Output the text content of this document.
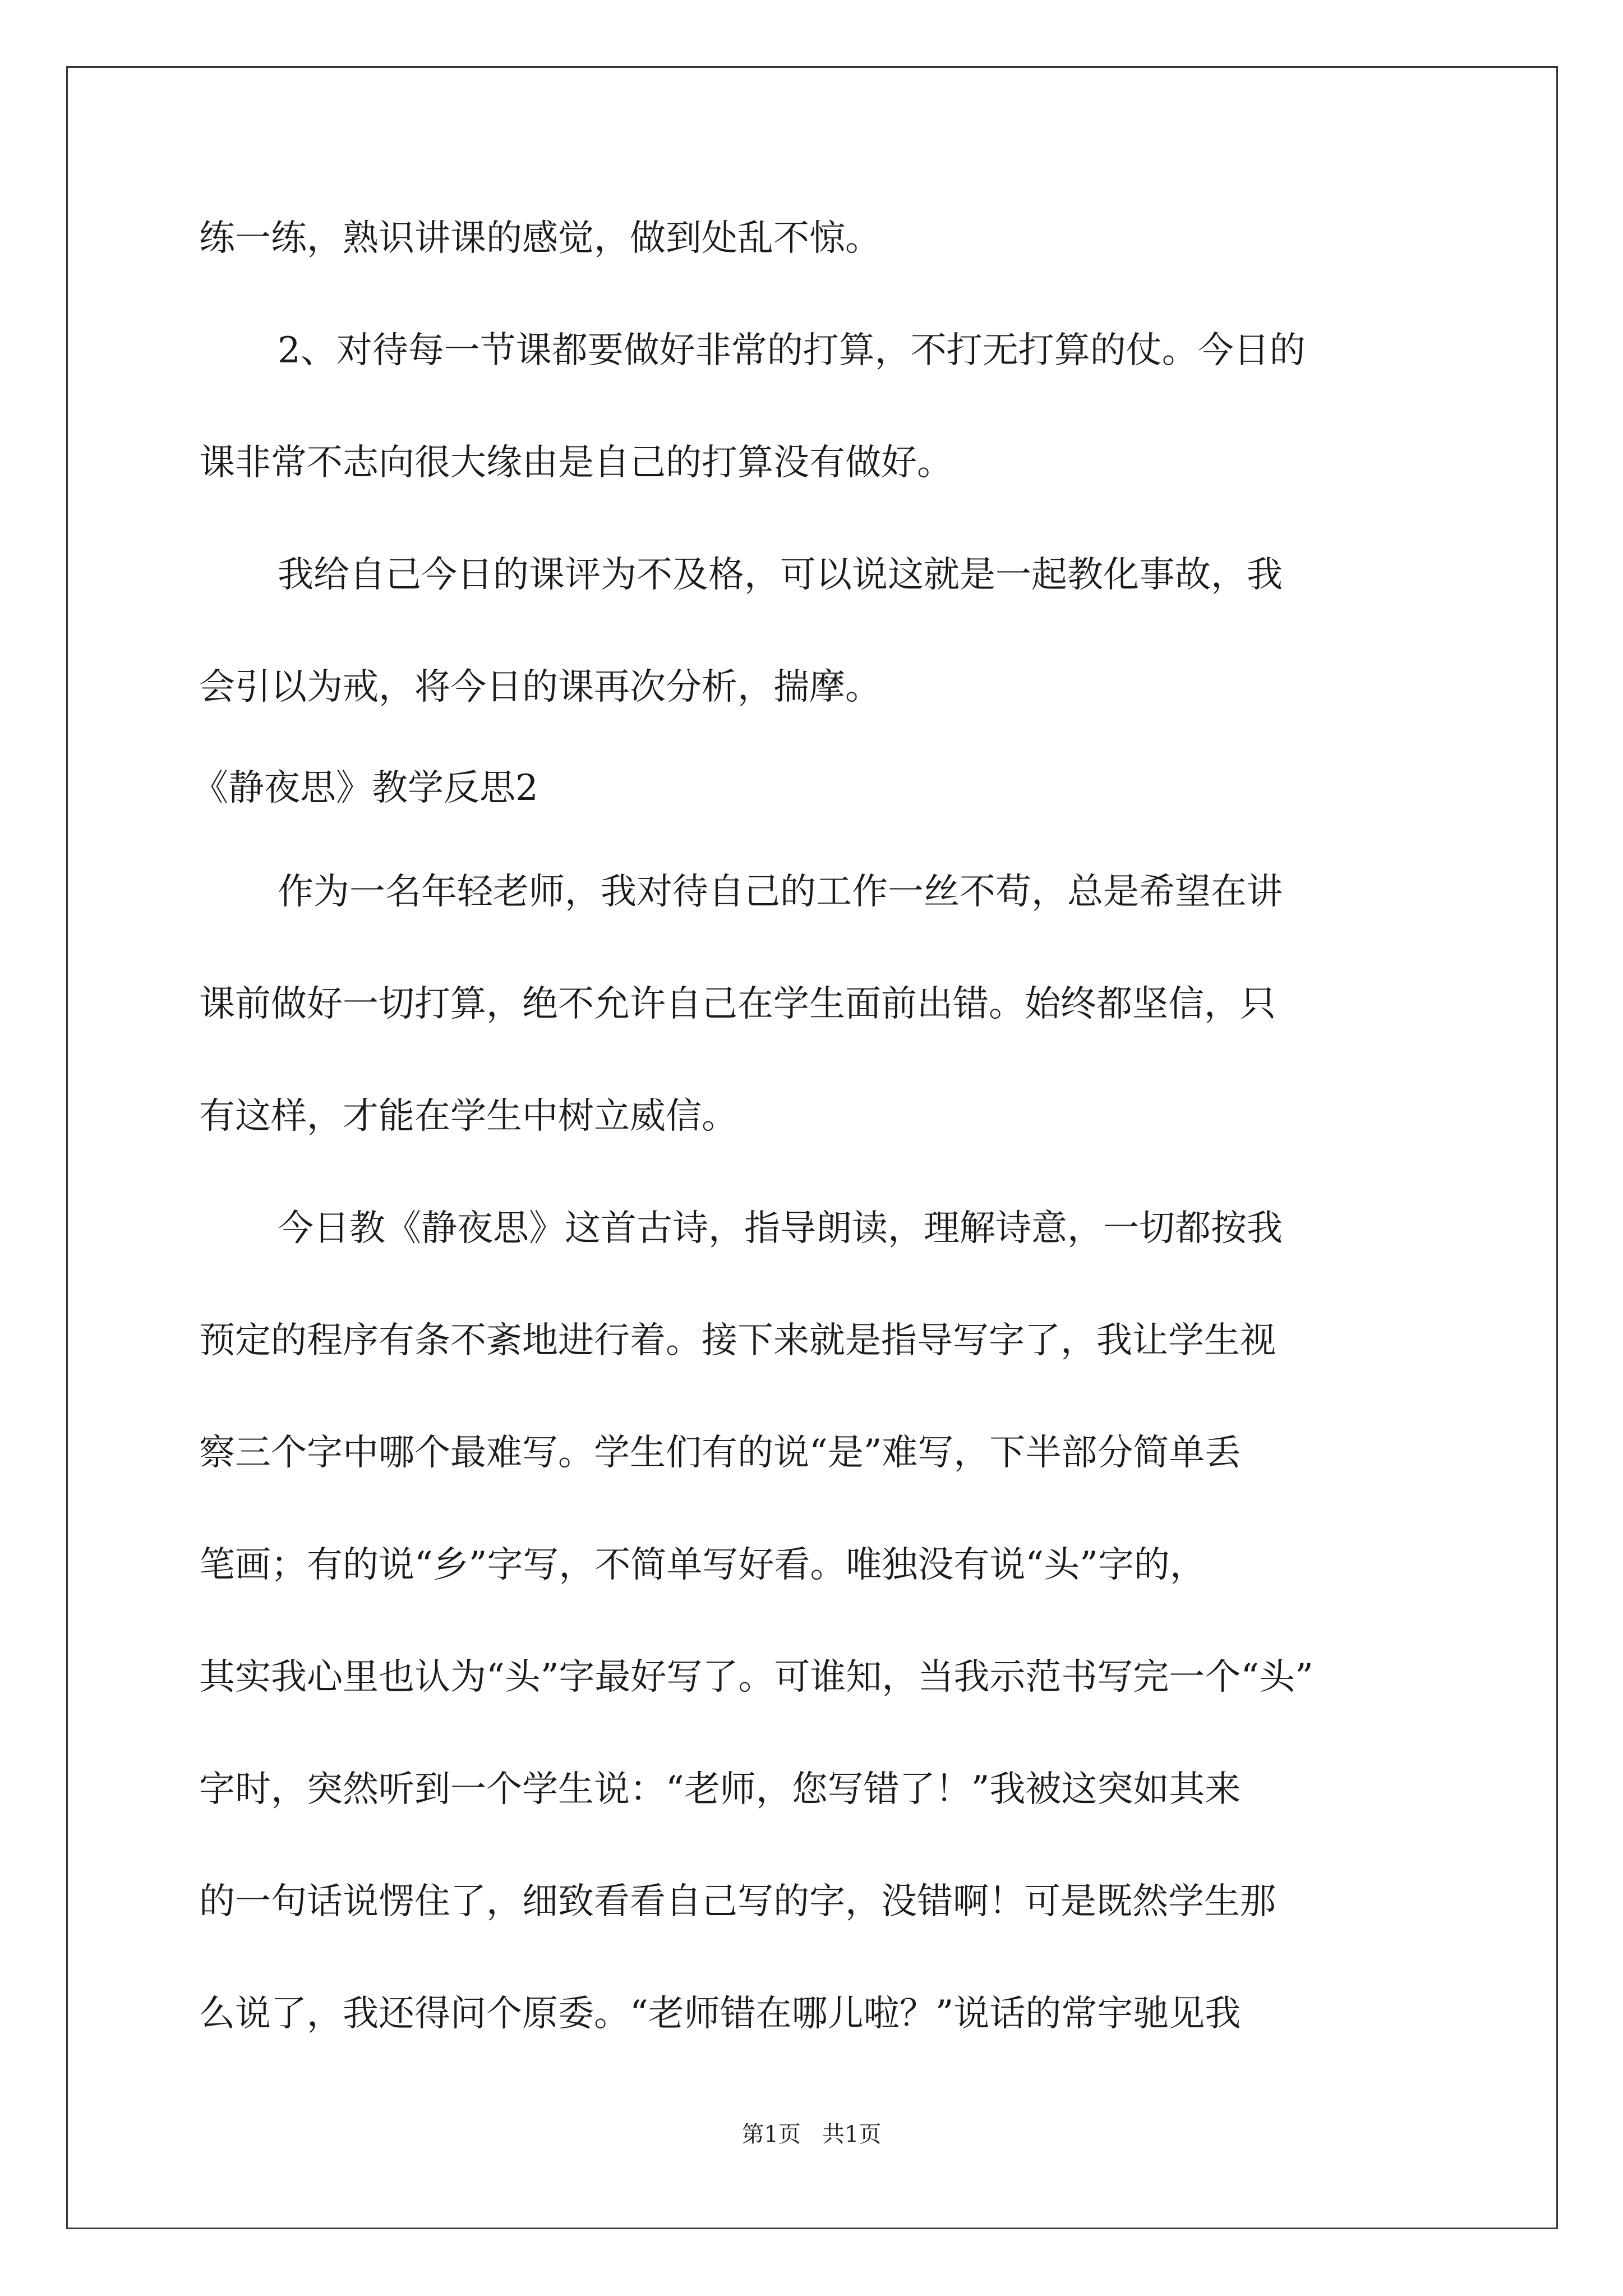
练一练，熟识讲课的感觉，做到处乱不惊。
2、对待每一节课都要做好非常的打算，不打无打算的仗。今日的
课非常不志向很大缘由是自己的打算没有做好。
我给自己今日的课评为不及格，可以说这就是一起教化事故，我
会引以为戒，将今日的课再次分析，揣摩。
《静夜思》教学反思2
作为一名年轻老师，我对待自己的工作一丝不苟，总是希望在讲
课前做好一切打算，绝不允许自己在学生面前出错。始终都坚信，只
有这样，才能在学生中树立威信。
今日教《静夜思》这首古诗，指导朗读，理解诗意，一切都按我
预定的程序有条不紊地进行着。接下来就是指导写字了，我让学生视
察三个字中哪个最难写。学生们有的说“是”难写，下半部分简单丢
笔画；有的说“乡”字写，不简单写好看。唯独没有说“头”字的，
其实我心里也认为“头”字最好写了。可谁知，当我示范书写完一个“头”
字时，突然听到一个学生说：“老师，您写错了！”我被这突如其来
的一句话说愣住了，细致看看自己写的字，没错啊！可是既然学生那
么说了，我还得问个原委。“老师错在哪儿啦？”说话的常宇驰见我
第1页   共1页
